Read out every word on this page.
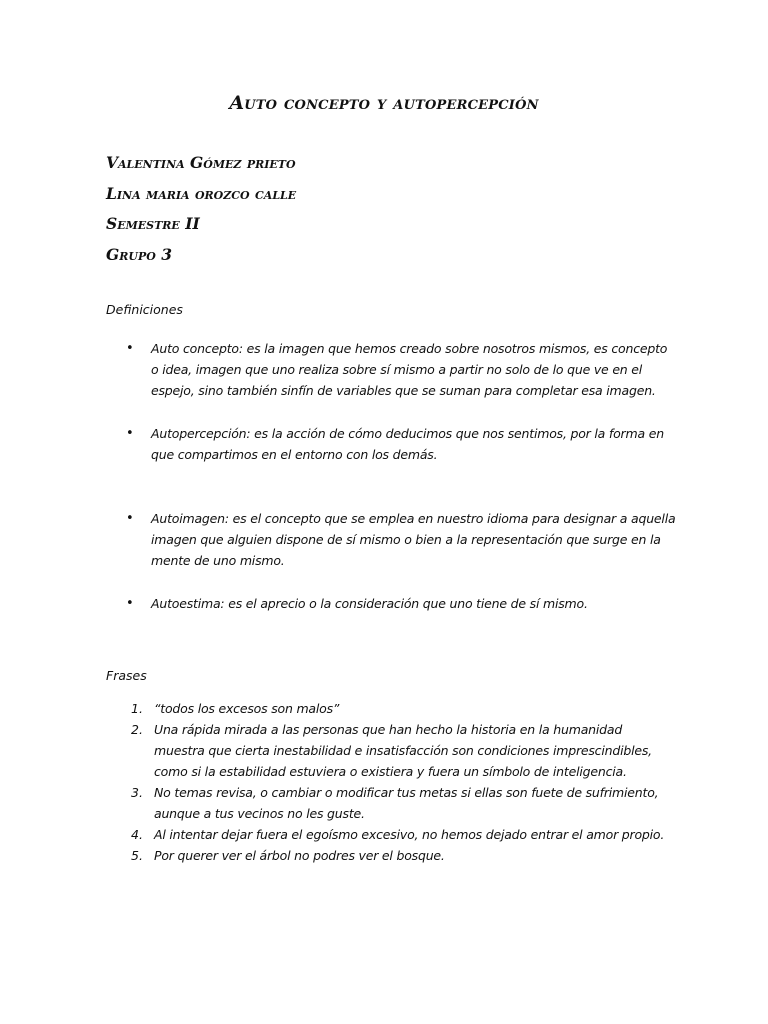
Auto concepto y autopercepción
Valentina Gómez prieto
Lina maria orozco calle
Semestre II
Grupo 3
Definiciones
• Auto concepto: es la imagen que hemos creado sobre nosotros mismos, es concepto o idea, imagen que uno realiza sobre sí mismo a partir no solo de lo que ve en el espejo, sino también sinfín de variables que se suman para completar esa imagen.
• Autopercepción: es la acción de cómo deducimos que nos sentimos, por la forma en que compartimos en el entorno con los demás.
• Autoimagen: es el concepto que se emplea en nuestro idioma para designar a aquella imagen que alguien dispone de sí mismo o bien a la representación que surge en la mente de uno mismo.
• Autoestima: es el aprecio o la consideración que uno tiene de sí mismo.
Frases
1. “todos los excesos son malos”
2. Una rápida mirada a las personas que han hecho la historia en la humanidad muestra que cierta inestabilidad e insatisfacción son condiciones imprescindibles, como si la estabilidad estuviera o existiera y fuera un símbolo de inteligencia.
3. No temas revisa, o cambiar o modificar tus metas si ellas son fuete de sufrimiento, aunque a tus vecinos no les guste.
4. Al intentar dejar fuera el egoísmo excesivo, no hemos dejado entrar el amor propio.
5. Por querer ver el árbol no podres ver el bosque.
